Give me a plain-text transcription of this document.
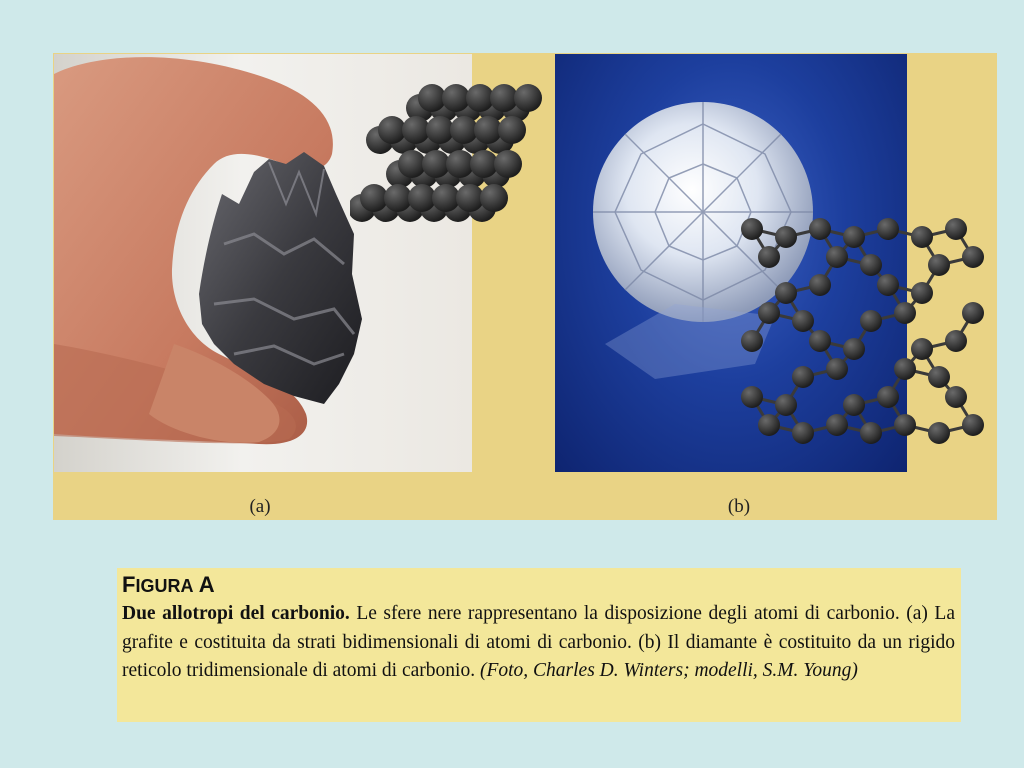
(a)	(b)
FIGURA A

Due allotropi del carbonio. Le sfere nere rappresentano la disposizione degli atomi di carbonio. (a) La grafite e costituita da strati bidimensionali di atomi di carbonio. (b) Il diamante è costituito da un rigido reticolo tridimensionale di atomi di carbonio. (Foto, Charles D. Winters; modelli, S.M. Young)
